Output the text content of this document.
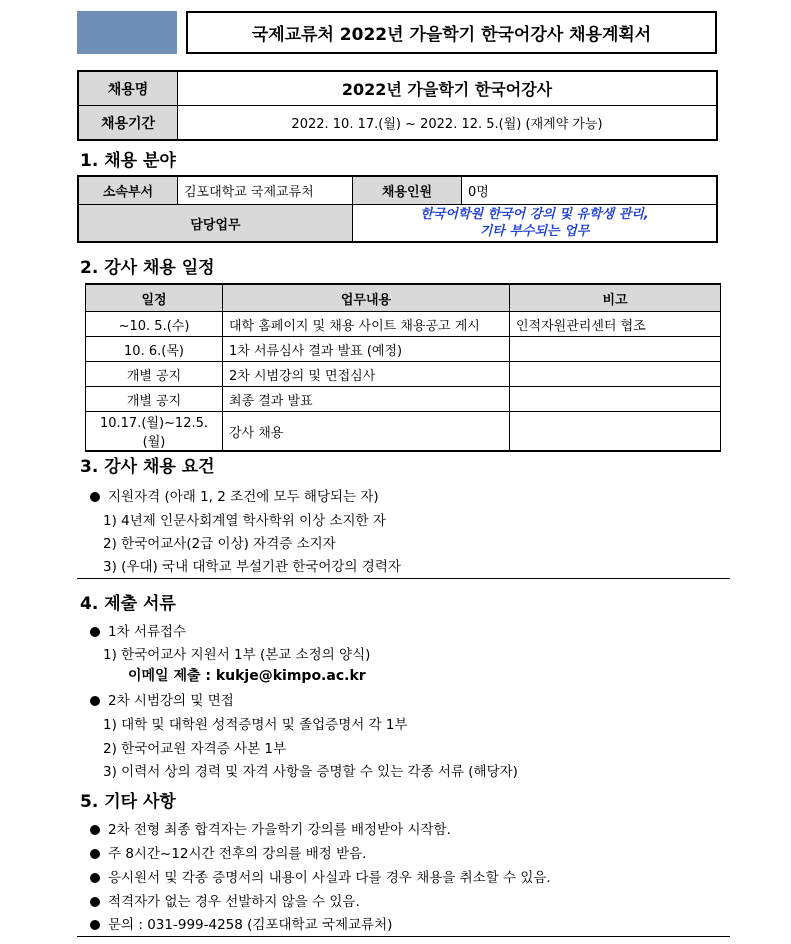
국제교류처 2022년 가을학기 한국어강사 채용계획서
채용명	2022년 가을학기 한국어강사
채용기간	2022. 10. 17.(월) ~ 2022. 12. 5.(월) (재계약 가능)
1. 채용 분야
소속부서	김포대학교 국제교류처	채용인원	0명
담당업무		한국어학원 한국어 강의 및 유학생 관리,
기타 부수되는 업무	
2. 강사 채용 일정
일정	업무내용	비고
~10. 5.(수)	대학 홈페이지 및 채용 사이트 채용공고 게시	인적자원관리센터 협조
10. 6.(목)	1차 서류심사 결과 발표 (예정)	
개별 공지	2차 시범강의 및 면접심사	
개별 공지	최종 결과 발표	
10.17.(월)~12.5.(월)	강사 채용	
3. 강사 채용 요건
지원자격 (아래 1, 2 조건에 모두 해당되는 자)
1) 4년제 인문사회계열 학사학위 이상 소지한 자
2) 한국어교사(2급 이상) 자격증 소지자
3) (우대) 국내 대학교 부설기관 한국어강의 경력자
4. 제출 서류
1차 서류접수
1) 한국어교사 지원서 1부 (본교 소정의 양식)
이메일 제출 : kukje@kimpo.ac.kr
2차 시범강의 및 면접
1) 대학 및 대학원 성적증명서 및 졸업증명서 각 1부
2) 한국어교원 자격증 사본 1부
3) 이력서 상의 경력 및 자격 사항을 증명할 수 있는 각종 서류 (해당자)
5. 기타 사항
2차 전형 최종 합격자는 가을학기 강의를 배정받아 시작함.
주 8시간~12시간 전후의 강의를 배정 받음.
응시원서 및 각종 증명서의 내용이 사실과 다를 경우 채용을 취소할 수 있음.
적격자가 없는 경우 선발하지 않을 수 있음.
문의 : 031-999-4258 (김포대학교 국제교류처)
